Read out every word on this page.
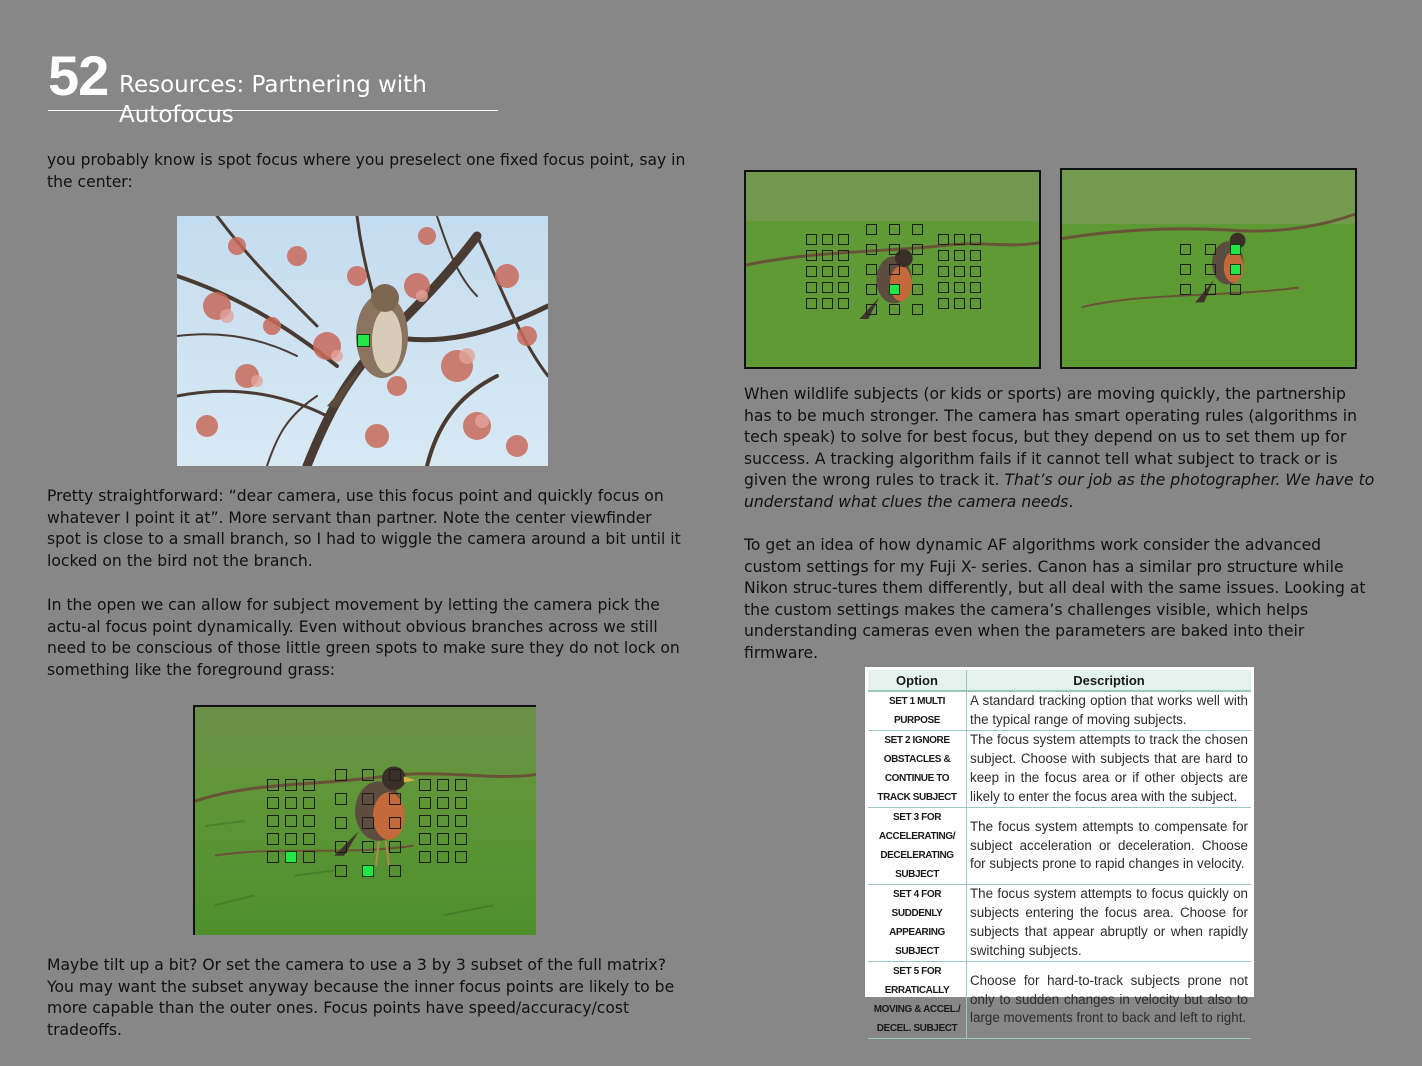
52 Resources: Partnering with Autofocus

you probably know is spot focus where you preselect one fixed focus point, say in the center:

Pretty straightforward: “dear camera, use this focus point and quickly focus on whatever I point it at”. More servant than partner. Note the center viewfinder spot is close to a small branch, so I had to wiggle the camera around a bit until it locked on the bird not the branch.

In the open we can allow for subject movement by letting the camera pick the actu-al focus point dynamically. Even without obvious branches across we still need to be conscious of those little green spots to make sure they do not lock on something like the foreground grass:

Maybe tilt up a bit? Or set the camera to use a 3 by 3 subset of the full matrix? You may want the subset anyway because the inner focus points are likely to be more capable than the outer ones. Focus points have speed/accuracy/cost tradeoffs.

When wildlife subjects (or kids or sports) are moving quickly, the partnership has to be much stronger. The camera has smart operating rules (algorithms in tech speak) to solve for best focus, but they depend on us to set them up for success. A tracking algorithm fails if it cannot tell what subject to track or is given the wrong rules to track it. That’s our job as the photographer. We have to understand what clues the camera needs.

To get an idea of how dynamic AF algorithms work consider the advanced custom settings for my Fuji X- series. Canon has a similar pro structure while Nikon struc-tures them differently, but all deal with the same issues. Looking at the custom settings makes the camera’s challenges visible, which helps understanding cameras even when the parameters are baked into their firmware.

Option	Description
SET 1 MULTI PURPOSE	A standard tracking option that works well with the typical range of moving subjects.
SET 2 IGNORE OBSTACLES & CONTINUE TO TRACK SUBJECT	The focus system attempts to track the chosen subject. Choose with subjects that are hard to keep in the focus area or if other objects are likely to enter the focus area with the subject.
SET 3 FOR ACCELERATING/ DECELERATING SUBJECT	The focus system attempts to compensate for subject acceleration or deceleration. Choose for subjects prone to rapid changes in velocity.
SET 4 FOR SUDDENLY APPEARING SUBJECT	The focus system attempts to focus quickly on subjects entering the focus area. Choose for subjects that appear abruptly or when rapidly switching subjects.
SET 5 FOR ERRATICALLY MOVING & ACCEL./ DECEL. SUBJECT	Choose for hard-to-track subjects prone not only to sudden changes in velocity but also to large movements front to back and left to right.
